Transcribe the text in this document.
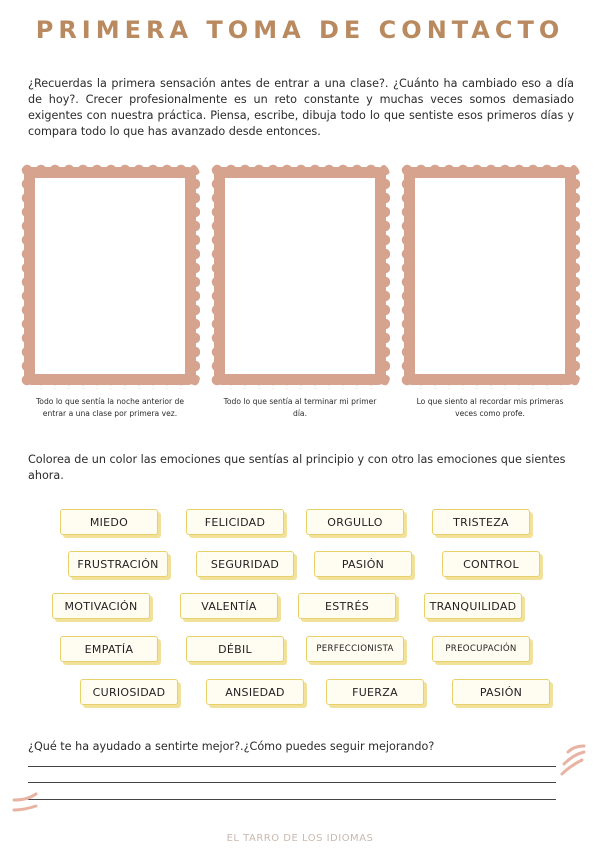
PRIMERA TOMA DE CONTACTO
¿Recuerdas la primera sensación antes de entrar a una clase?. ¿Cuánto ha cambiado eso a día de hoy?. Crecer profesionalmente es un reto constante y muchas veces somos demasiado exigentes con nuestra práctica. Piensa, escribe, dibuja todo lo que sentiste esos primeros días y compara todo lo que has avanzado desde entonces.
Todo lo que sentía la noche anterior de entrar a una clase por primera vez.
Todo lo que sentía al terminar mi primer día.
Lo que siento al recordar mis primeras veces como profe.
Colorea de un color las emociones que sentías al principio y con otro las emociones que sientes ahora.
MIEDO	FELICIDAD	ORGULLO	TRISTEZA
FRUSTRACIÓN	SEGURIDAD	PASIÓN	CONTROL
MOTIVACIÓN	VALENTÍA	ESTRÉS	TRANQUILIDAD
EMPATÍA	DÉBIL	PERFECCIONISTA	PREOCUPACIÓN
CURIOSIDAD	ANSIEDAD	FUERZA	PASIÓN
¿Qué te ha ayudado a sentirte mejor?.¿Cómo puedes seguir mejorando?
EL TARRO DE LOS IDIOMAS
